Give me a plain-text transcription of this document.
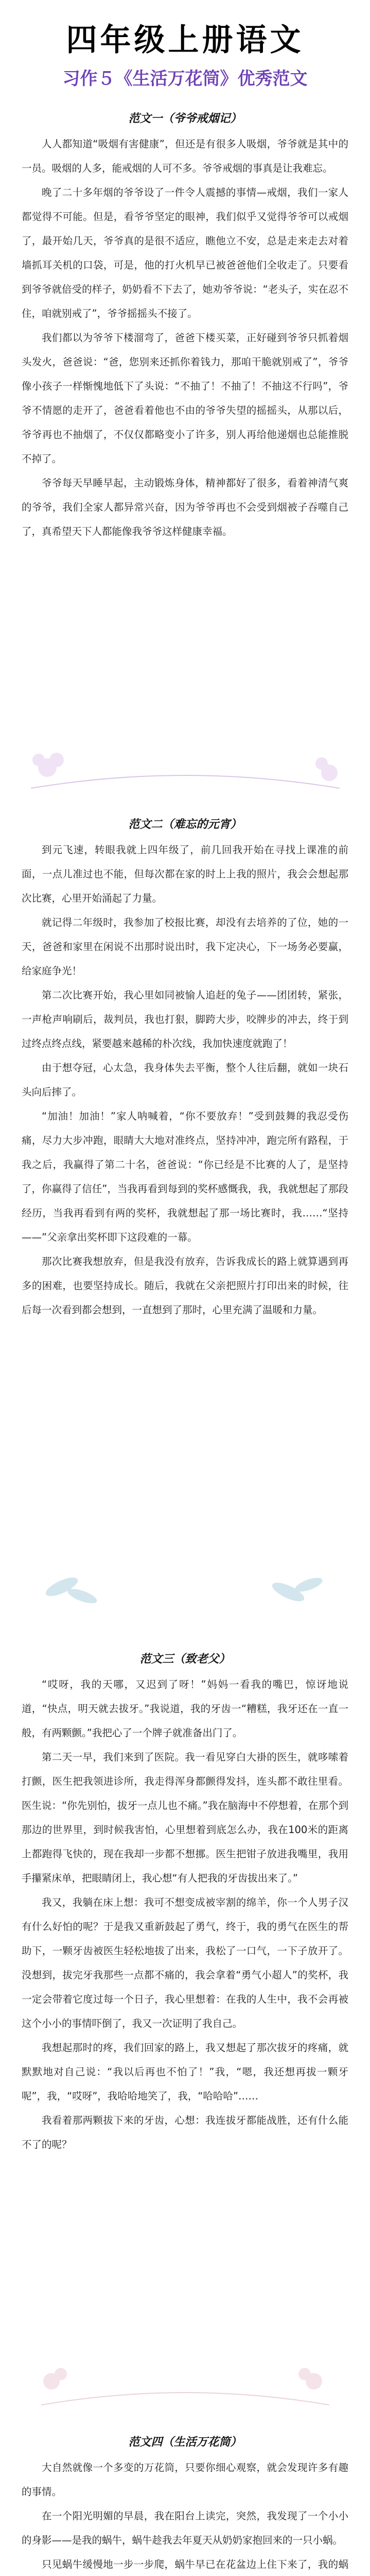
四年级上册语文
习作５《生活万花筒》优秀范文
范文一（爷爷戒烟记）

人人都知道“吸烟有害健康”，但还是有很多人吸烟，爷爷就是其中的一员。吸烟的人多，能戒烟的人可不多。爷爷戒烟的事真是让我难忘。

晚了二十多年烟的爷爷设了一件令人震撼的事情—戒烟，我们一家人都觉得不可能。但是，看爷爷坚定的眼神，我们似乎又觉得爷爷可以戒烟了，最开始几天，爷爷真的是很不适应，瞧他立不安，总是走来走去对着墙抓耳关机的口袋，可是，他的打火机早已被爸爸他们全收走了。只要看到爷爷就倍受的样子，奶奶看不下去了，她劝爷爷说：“老头子，实在忍不住，咱就别戒了”，爷爷摇摇头不接了。

我们都以为爷爷下楼溜弯了，爸爸下楼买菜，正好碰到爷爷只抓着烟头发火，爸爸说：“爸，您别来还抓你着钱力，那咱干脆就别戒了”，爷爷像小孩子一样惭愧地低下了头说：“不抽了！不抽了！不抽这不行吗”，爷爷不情愿的走开了，爸爸看着他也不由的爷爷失望的摇摇头，从那以后，爷爷再也不抽烟了，不仅仅都略变小了许多，别人再给他递烟也总能推脱不掉了。

爷爷每天早睡早起，主动锻炼身体，精神都好了很多，看着神清气爽的爷爷，我们全家人都异常兴奋，因为爷爷再也不会受到烟被子吞噬自己了，真希望天下人都能像我爷爷这样健康幸福。

范文二（难忘的元宵）

到元飞速，转眼我就上四年级了，前几回我开始在寻找上课准的前面，一点儿准过也不能，但每次都在家的时上上我的照片，我会会想起那次比赛，心里开始涌起了力量。

就记得二年级时，我参加了校报比赛，却没有去培养的了位，她的一天，爸爸和家里在闲说不出那时说出时，我下定决心，下一场务必要赢，给家庭争光！

第二次比赛开始，我心里如同被愉人追赶的兔子——团团转，紧张，一声枪声响刷后，裁判员，我也打狠，脚跨大步，咬牌步的冲去，终于到过终点终点线，紧要越来越稀的朴次线，我加快速度就跑了！

由于想夺冠，心太急，我身体失去平衡，整个人往后翻，就如一块石头向后摔了。

“加油！加油！”家人呐喊着，“你不要放弃！”受到鼓舞的我忍受伤痛，尽力大步冲跑，眼睛大大地对准终点，坚持冲冲，跑完所有路程，于我之后，我赢得了第二十名，爸爸说：“你已经是不比赛的人了，是坚持了，你赢得了信任”，当我再看到每到的奖杯感慨我，我，我就想起了那段经历，当我再看到有两的奖杯，我就想起了那一场比赛时，我……“坚持——”父亲拿出奖杯即下这段难的一幕。

那次比赛我想放弃，但是我没有放弃，告诉我成长的路上就算遇到再多的困难，也要坚持成长。随后，我就在父亲把照片打印出来的时候，往后每一次看到都会想到，一直想到了那时，心里充满了温暖和力量。

范文三（致老父）

“哎呀，我的天哪，又迟到了呀！”妈妈一看我的嘴巴，惊讶地说道，“快点，明天就去拔牙。”我说道，我的牙齿一“糟糕，我牙还在一直一般，有两颗颤。”我把心了一个牌子就准备出门了。

第二天一早，我们来到了医院。我一看见穿白大褂的医生，就哆嗦着打颤，医生把我领进诊所，我走得浑身都颤得发抖，连头都不敢往里看。医生说：“你先别怕，拔牙一点儿也不痛。”我在脑海中不停想着，在那个到那边的世界里，到时候我害怕，心里想着到底怎么办，我在100米的距离上都跑得飞快的，现在我却一步都不想挪。医生把钳子放进我嘴里，我用手攥紧床单，把眼睛闭上，我心想“有人把我的牙齿拔出来了。”

我又，我躺在床上想：我可不想变成被宰割的绵羊，你一个人男子汉有什么好怕的呢？于是我又重新鼓起了勇气，终于，我的勇气在医生的帮助下，一颗牙齿被医生轻松地拔了出来，我松了一口气，一下子放开了。没想到，拔完牙我那些一点都不痛的，我会拿着“勇气小超人”的奖杯，我一定会带着它度过每一个日子，我心里想着：在我的人生中，我不会再被这个小小的事情吓倒了，我又一次证明了我自己。

我想起那时的疼，我们回家的路上，我又想起了那次拔牙的疼痛，就默默地对自己说：“我以后再也不怕了！”我，“嗯，我还想再拔一颗牙呢”，我，“哎呀”，我哈哈地笑了，我，“哈哈哈”……

我看着那两颗拔下来的牙齿，心想：我连拔牙都能战胜，还有什么能不了的呢？

范文四（生活万花筒）

大自然就像一个多变的万花筒，只要你细心观察，就会发现许多有趣的事情。

在一个阳光明媚的早晨，我在阳台上读完，突然，我发现了一个小小的身影——是我的蜗牛，蜗牛趁我去年夏天从奶奶家抱回来的一只小蜗。

只见蜗牛缓慢地一步一步爬，蜗牛早已在花盆边上住下来了，我的蜗
